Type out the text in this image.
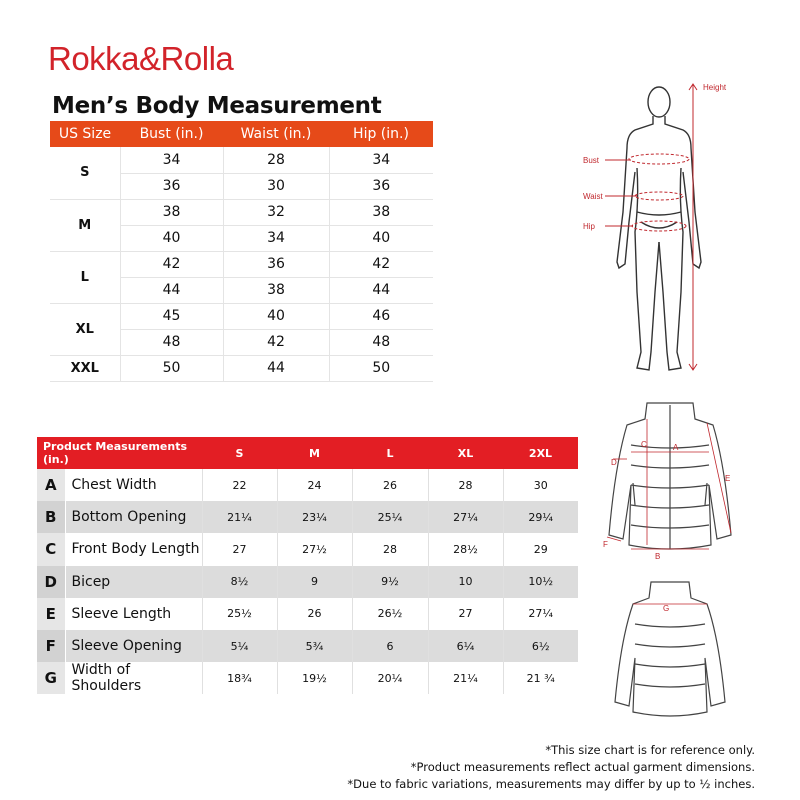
Rokka&Rolla
Men’s Body Measurement
US Size	Bust (in.)	Waist (in.)	Hip (in.)
S	34	28	34
	36	30	36
M	38	32	38
	40	34	40
L	42	36	42
	44	38	44
XL	45	40	46
	48	42	48
XXL	50	44	50
Height
Bust
Waist
Hip
A
B
C
D
E
F
G
Product Measurements (in.)		S	M	L	XL	2XL
A	Chest Width	22	24	26	28	30
B	Bottom Opening	21¼	23¼	25¼	27¼	29¼
C	Front Body Length	27	27½	28	28½	29
D	Bicep	8½	9	9½	10	10½
E	Sleeve Length	25½	26	26½	27	27¼
F	Sleeve Opening	5¼	5¾	6	6¼	6½
G	Width of Shoulders	18¾	19½	20¼	21¼	21 ¾
*This size chart is for reference only.
*Product measurements reflect actual garment dimensions.
*Due to fabric variations, measurements may differ by up to ½ inches.
